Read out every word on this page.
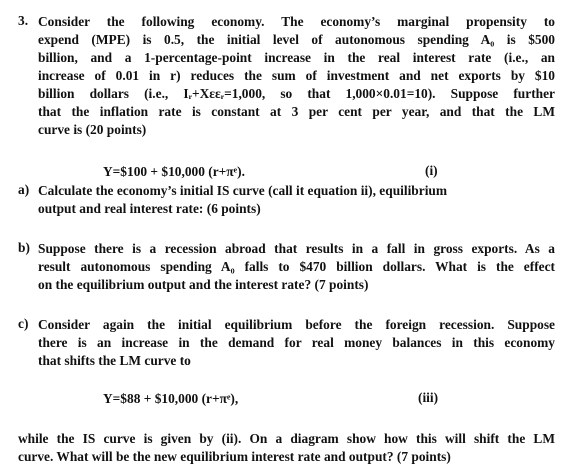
3. Consider the following economy. The economy’s marginal propensity to
expend (MPE) is 0.5, the initial level of autonomous spending A₀ is $500
billion, and a 1-percentage-point increase in the real interest rate (i.e., an
increase of 0.01 in r) reduces the sum of investment and net exports by $10
billion dollars (i.e., Iᵣ+Xεεᵣ=1,000, so that 1,000×0.01=10). Suppose further
that the inflation rate is constant at 3 per cent per year, and that the LM
curve is (20 points)
Y=$100 + $10,000 (r+πᵉ).	(i)
a) Calculate the economy’s initial IS curve (call it equation ii), equilibrium
output and real interest rate: (6 points)
b) Suppose there is a recession abroad that results in a fall in gross exports. As a
result autonomous spending A₀ falls to $470 billion dollars. What is the effect
on the equilibrium output and the interest rate? (7 points)
c) Consider again the initial equilibrium before the foreign recession. Suppose
there is an increase in the demand for real money balances in this economy
that shifts the LM curve to
Y=$88 + $10,000 (r+πᵉ),	(iii)
while the IS curve is given by (ii). On a diagram show how this will shift the LM
curve. What will be the new equilibrium interest rate and output? (7 points)
